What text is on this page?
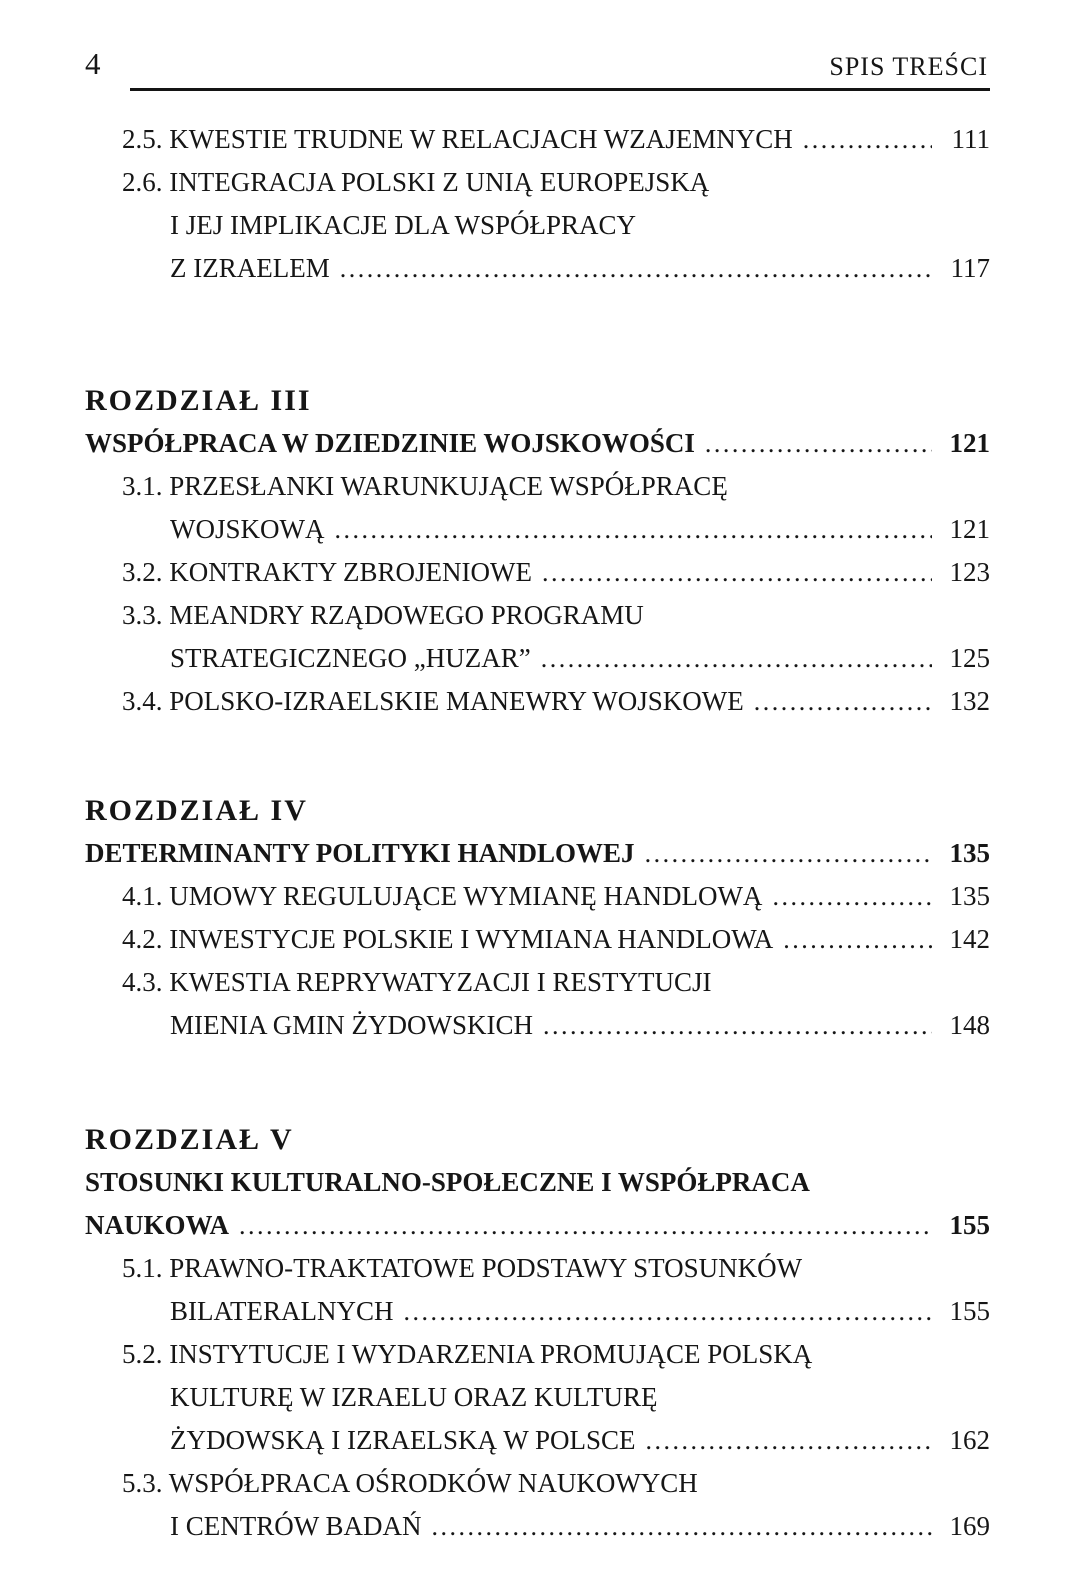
4	SPIS TREŚCI
2.5. KWESTIE TRUDNE W RELACJACH WZAJEMNYCH .....	111
2.6. INTEGRACJA POLSKI Z UNIĄ EUROPEJSKĄ
I JEJ IMPLIKACJE DLA WSPÓŁPRACY
Z IZRAELEM .....	117
ROZDZIAŁ III
WSPÓŁPRACA W DZIEDZINIE WOJSKOWOŚCI .....	121
3.1. PRZESŁANKI WARUNKUJĄCE WSPÓŁPRACĘ
WOJSKOWĄ .....	121
3.2. KONTRAKTY ZBROJENIOWE .....	123
3.3. MEANDRY RZĄDOWEGO PROGRAMU
STRATEGICZNEGO „HUZAR” .....	125
3.4. POLSKO-IZRAELSKIE MANEWRY WOJSKOWE .....	132
ROZDZIAŁ IV
DETERMINANTY POLITYKI HANDLOWEJ .....	135
4.1. UMOWY REGULUJĄCE WYMIANĘ HANDLOWĄ .....	135
4.2. INWESTYCJE POLSKIE I WYMIANA HANDLOWA .....	142
4.3. KWESTIA REPRYWATYZACJI I RESTYTUCJI
MIENIA GMIN ŻYDOWSKICH .....	148
ROZDZIAŁ V
STOSUNKI KULTURALNO-SPOŁECZNE I WSPÓŁPRACA
NAUKOWA .....	155
5.1. PRAWNO-TRAKTATOWE PODSTAWY STOSUNKÓW
BILATERALNYCH .....	155
5.2. INSTYTUCJE I WYDARZENIA PROMUJĄCE POLSKĄ
KULTURĘ W IZRAELU ORAZ KULTURĘ
ŻYDOWSKĄ I IZRAELSKĄ W POLSCE .....	162
5.3. WSPÓŁPRACA OŚRODKÓW NAUKOWYCH
I CENTRÓW BADAŃ .....	169
